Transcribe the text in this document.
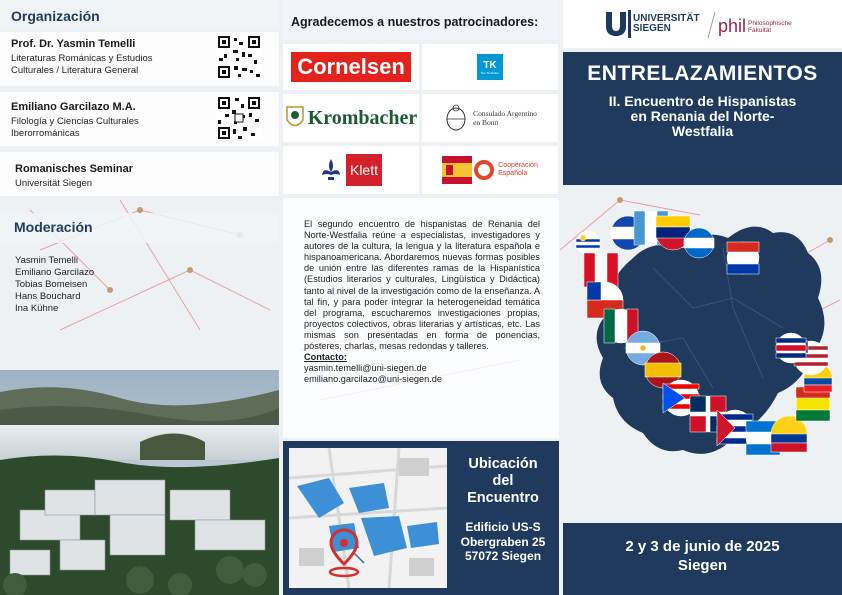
Organización
Prof. Dr. Yasmin Temelli
Literaturas Románicas y Estudios Culturales / Literatura General
Emiliano Garcilazo M.A.
Filología y Ciencias Culturales Iberorrománicas
Romanisches Seminar
Universität Siegen
Moderación
Yasmin Temelli
Emiliano Garcilazo
Tobias Bomeisen
Hans Bouchard
Ina Kühne
Agradecemos a nuestros patrocinadores:
Cornelsen	TK
Die Techniker
Krombacher	Consulado Argentino
en Bonn
Klett	Cooperación
Española
El segundo encuentro de hispanistas de Renania del Norte-Westfalia reúne a especialistas, investigadores y autores de la cultura, la lengua y la literatura española e hispanoamericana. Abordaremos nuevas formas posibles de unión entre las diferentes ramas de la Hispanística (Estudios literarios y culturales, Lingüística y Didáctica) tanto al nivel de la investigación como de la enseñanza. A tal fin, y para poder integrar la heterogeneidad temática del programa, escucharemos investigaciones propias, proyectos colectivos, obras literarias y artísticas, etc. Las mismas son presentadas en forma de ponencias, pósteres, charlas, mesas redondas y talleres.
Contacto:
yasmin.temelli@uni-siegen.de
emiliano.garcilazo@uni-siegen.de
Ubicación
del
Encuentro
Edificio US-S
Obergraben 25
57072 Siegen
UNIVERSITÄT
SIEGEN	phil Philosophische
Fakultät
ENTRELAZAMIENTOS
II. Encuentro de Hispanistas
en Renania del Norte-
Westfalia
2 y 3 de junio de 2025
Siegen
